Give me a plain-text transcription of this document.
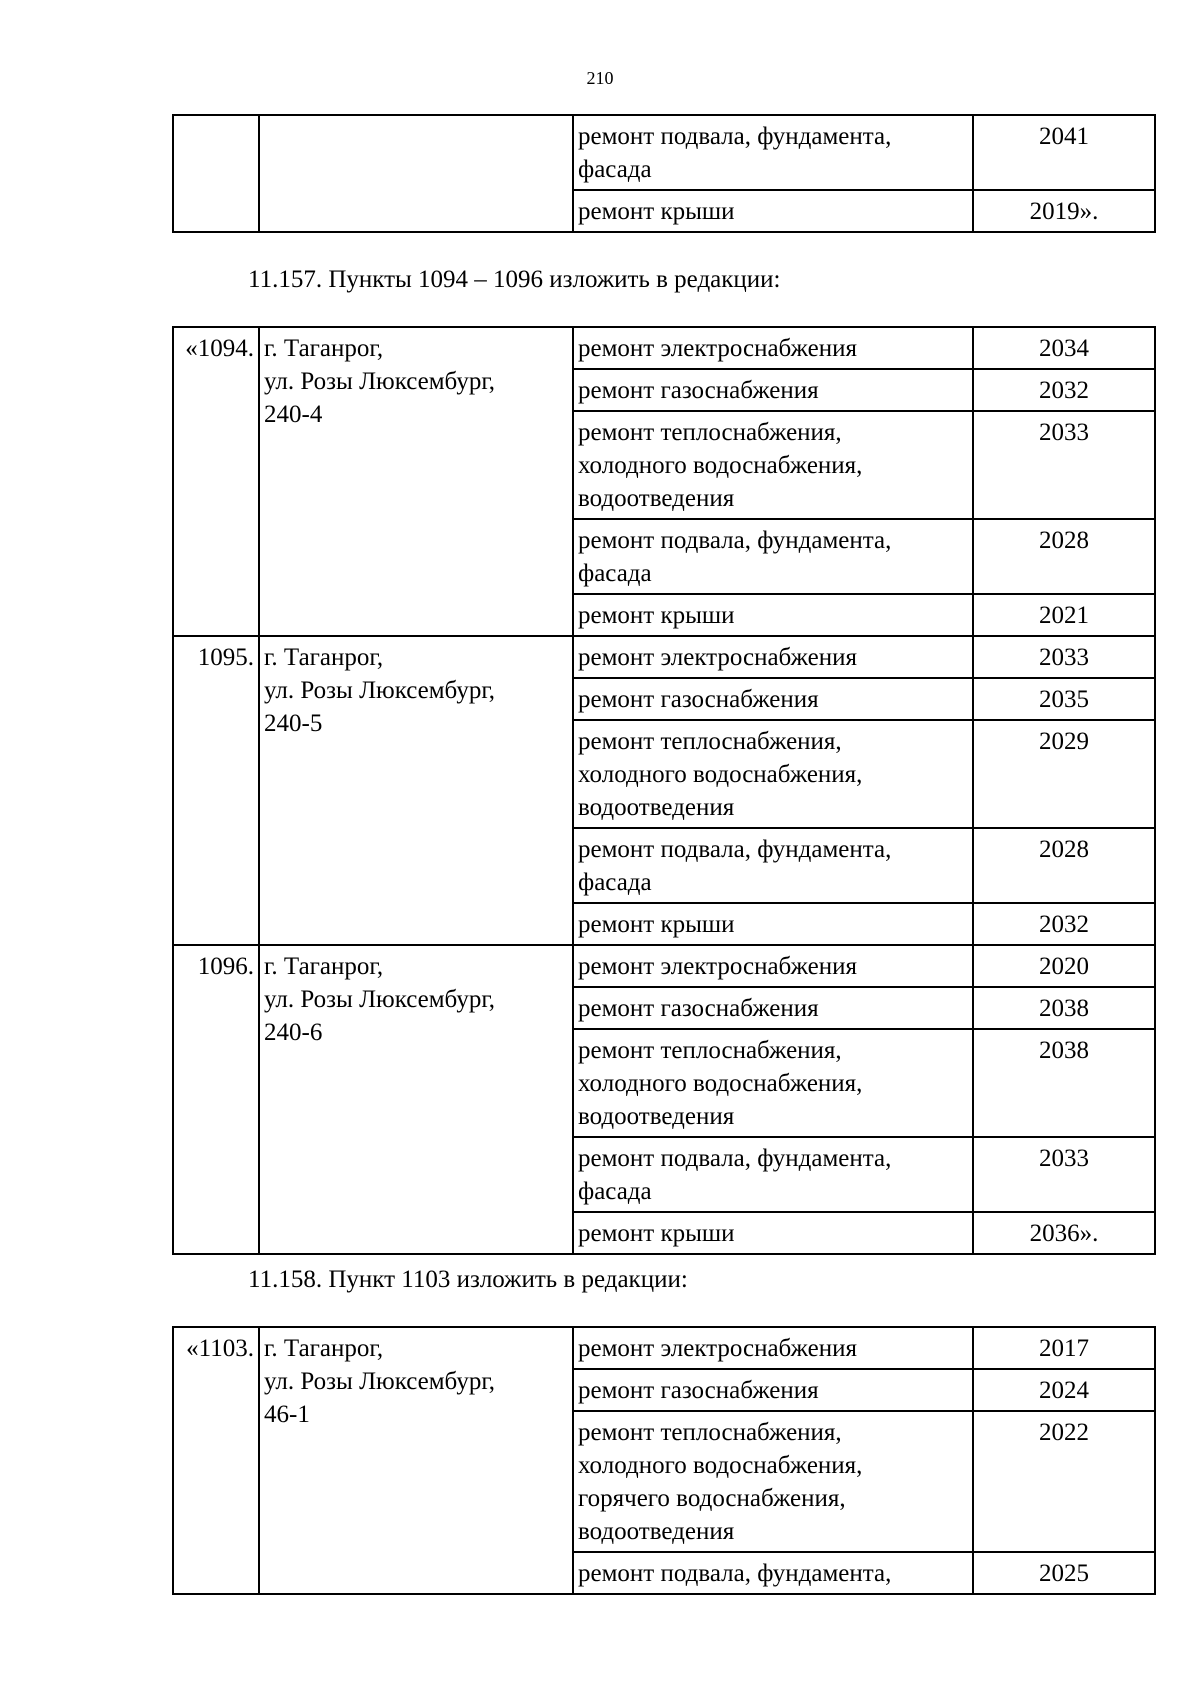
210

		ремонт подвала, фундамента,
фасада	2041

		ремонт крыши	2019».
11.157. Пункты 1094 – 1096 изложить в редакции:
«1094.	г. Таганрог,
ул. Розы Люксембург,
240-4	ремонт электроснабжения	2034

		ремонт газоснабжения	2032

		ремонт теплоснабжения,
холодного водоснабжения,
водоотведения	2033

		ремонт подвала, фундамента,
фасада	2028

		ремонт крыши	2021
1095.	г. Таганрог,
ул. Розы Люксембург,
240-5	ремонт электроснабжения	2033

		ремонт газоснабжения	2035

		ремонт теплоснабжения,
холодного водоснабжения,
водоотведения	2029

		ремонт подвала, фундамента,
фасада	2028

		ремонт крыши	2032
1096.	г. Таганрог,
ул. Розы Люксембург,
240-6	ремонт электроснабжения	2020

		ремонт газоснабжения	2038

		ремонт теплоснабжения,
холодного водоснабжения,
водоотведения	2038

		ремонт подвала, фундамента,
фасада	2033

		ремонт крыши	2036».
11.158. Пункт 1103 изложить в редакции:
«1103.	г. Таганрог,
ул. Розы Люксембург,
46-1	ремонт электроснабжения	2017

		ремонт газоснабжения	2024

		ремонт теплоснабжения,
холодного водоснабжения,
горячего водоснабжения,
водоотведения	2022

		ремонт подвала, фундамента,	2025
